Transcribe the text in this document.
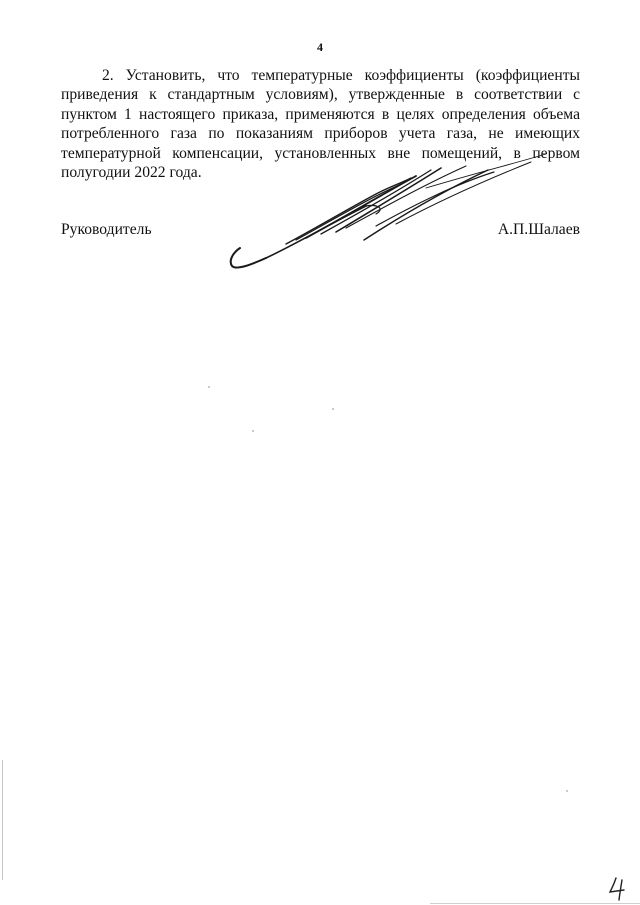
4

2. Установить, что температурные коэффициенты (коэффициенты приведения к стандартным условиям), утвержденные в соответствии с пунктом 1 настоящего приказа, применяются в целях определения объема потребленного газа по показаниям приборов учета газа, не имеющих температурной компенсации, установленных вне помещений, в первом полугодии 2022 года.

Руководитель	А.П.Шалаев
